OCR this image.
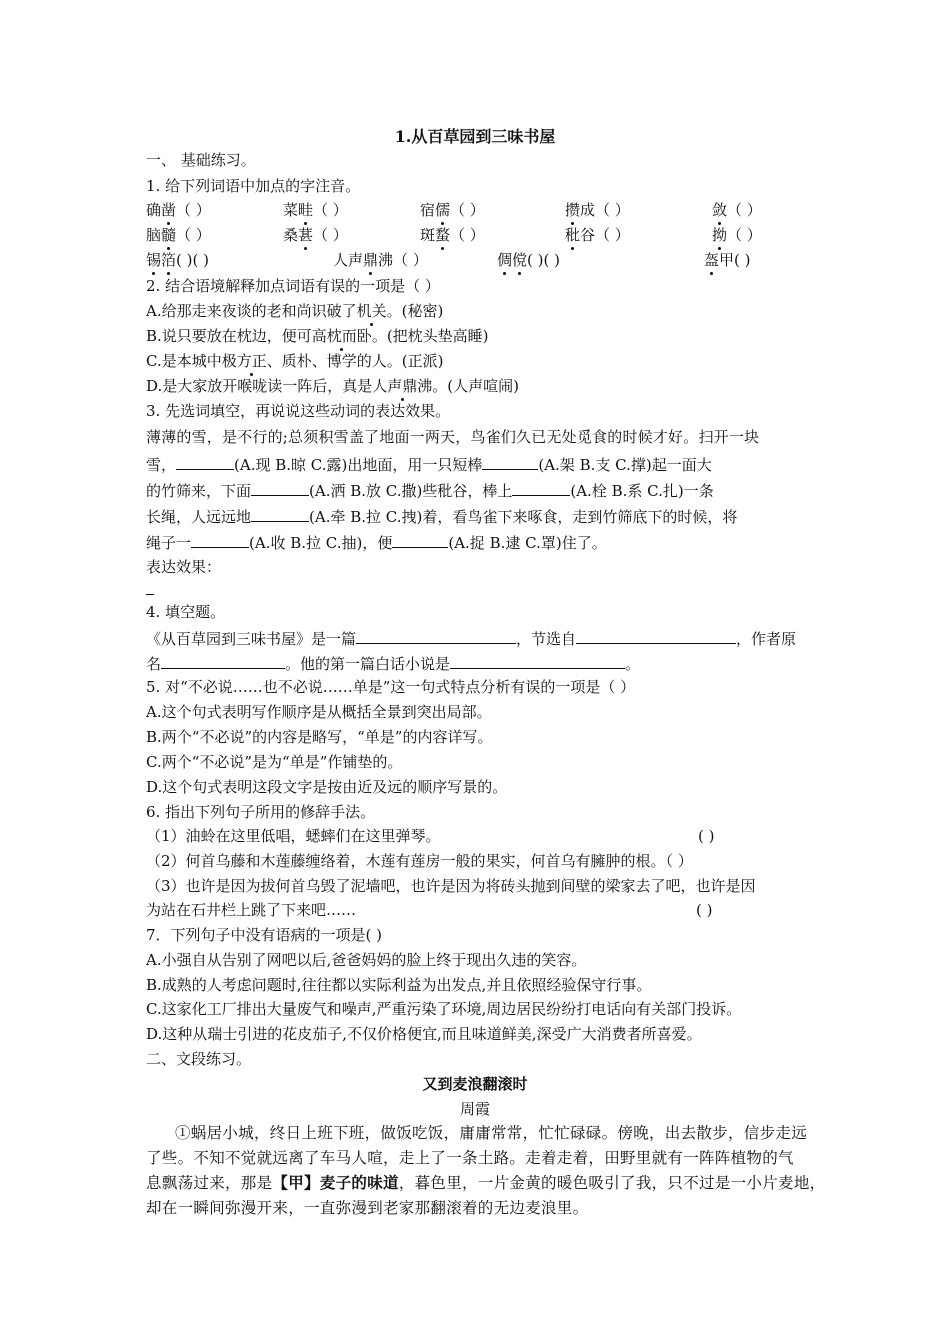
1.从百草园到三味书屋
一、 基础练习。
1. 给下列词语中加点的字注音。
确凿（ ）	菜畦（ ）	宿儒（ ）	攒成（ ）	敛（ ）
脑髓（ ）	桑葚（ ）	斑蝥（ ）	秕谷（ ）	拗（ ）
锡箔( )( )	人声鼎沸（ ）	倜傥( )( )	盔甲( )
2. 结合语境解释加点词语有误的一项是（ ）
A.给那走来夜谈的老和尚识破了机关。(秘密)
B.说只要放在枕边，便可高枕而卧。(把枕头垫高睡)
C.是本城中极方正、质朴、博学的人。(正派)
D.是大家放开喉咙读一阵后，真是人声鼎沸。(人声喧闹)
3. 先选词填空，再说说这些动词的表达效果。
薄薄的雪，是不行的;总须积雪盖了地面一两天，鸟雀们久已无处觅食的时候才好。扫开一块
雪，	(A.现 B.晾 C.露)出地面，用一只短棒	(A.架 B.支 C.撑)起一面大
的竹筛来，下面	(A.洒 B.放 C.撒)些秕谷，棒上	(A.栓 B.系 C.扎)一条
长绳，人远远地	(A.牵 B.拉 C.拽)着，看鸟雀下来啄食，走到竹筛底下的时候，将
绳子一	(A.收 B.拉 C.抽)，便	(A.捉 B.逮 C.罩)住了。
表达效果：
4. 填空题。
《从百草园到三味书屋》是一篇	，节选自	，作者原
名	。他的第一篇白话小说是	。
5. 对“不必说……也不必说……单是”这一句式特点分析有误的一项是（ ）
A.这个句式表明写作顺序是从概括全景到突出局部。
B.两个“不必说”的内容是略写，“单是”的内容详写。
C.两个“不必说”是为“单是”作铺垫的。
D.这个句式表明这段文字是按由近及远的顺序写景的。
6. 指出下列句子所用的修辞手法。
（1）油蛉在这里低唱，蟋蟀们在这里弹琴。	( )
（2）何首乌藤和木莲藤缠络着，木莲有莲房一般的果实，何首乌有臃肿的根。（ ）
（3）也许是因为拔何首乌毁了泥墙吧，也许是因为将砖头抛到间壁的梁家去了吧，也许是因
为站在石井栏上跳了下来吧……	( )
7．下列句子中没有语病的一项是( )
A.小强自从告别了网吧以后,爸爸妈妈的脸上终于现出久违的笑容。
B.成熟的人考虑问题时,往往都以实际利益为出发点,并且依照经验保守行事。
C.这家化工厂排出大量废气和噪声,严重污染了环境,周边居民纷纷打电话向有关部门投诉。
D.这种从瑞士引进的花皮茄子,不仅价格便宜,而且味道鲜美,深受广大消费者所喜爱。
二、文段练习。
又到麦浪翻滚时
周霞
①蜗居小城，终日上班下班，做饭吃饭，庸庸常常，忙忙碌碌。傍晚，出去散步，信步走远
了些。不知不觉就远离了车马人喧，走上了一条土路。走着走着，田野里就有一阵阵植物的气
息飘荡过来，那是【甲】麦子的味道，暮色里，一片金黄的暖色吸引了我，只不过是一小片麦地，
却在一瞬间弥漫开来，一直弥漫到老家那翻滚着的无边麦浪里。
